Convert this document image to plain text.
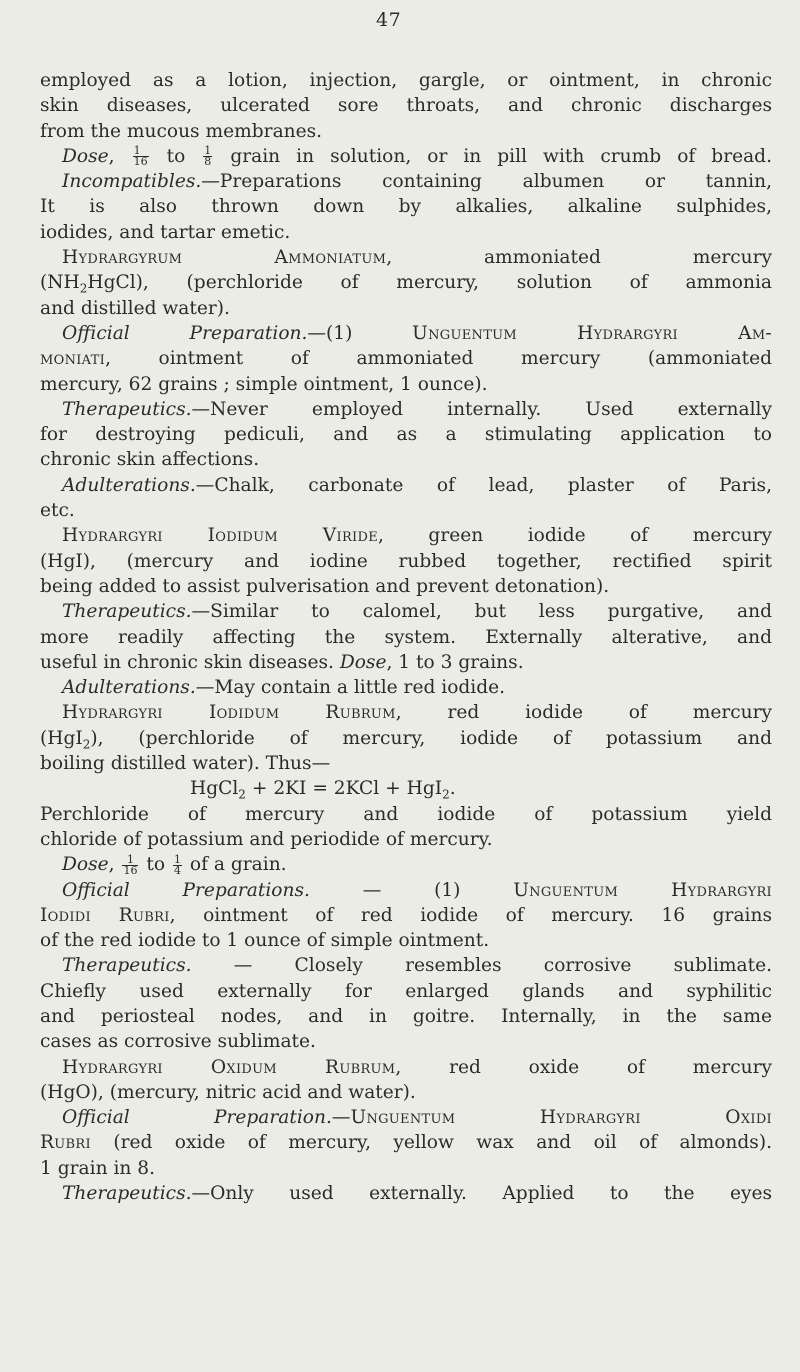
47
employed as a lotion, injection, gargle, or ointment, in chronic
skin diseases, ulcerated sore throats, and chronic discharges
from the mucous membranes.
Dose, $\frac{1}{16}$ to $\frac{1}{8}$ grain in solution, or in pill with crumb of bread.
Incompatibles.—Preparations containing albumen or tannin,
It is also thrown down by alkalies, alkaline sulphides,
iodides, and tartar emetic.
Hydrargyrum Ammoniatum, ammoniated mercury
$(NH_2HgCl)$, (perchloride of mercury, solution of ammonia
and distilled water).
Official Preparation.—(1) Unguentum Hydrargyri Am-
moniati, ointment of ammoniated mercury (ammoniated
mercury, 62 grains ; simple ointment, 1 ounce).
Therapeutics.—Never employed internally. Used externally
for destroying pediculi, and as a stimulating application to
chronic skin affections.
Adulterations.—Chalk, carbonate of lead, plaster of Paris,
etc.
Hydrargyri Iodidum Viride, green iodide of mercury
(HgI), (mercury and iodine rubbed together, rectified spirit
being added to assist pulverisation and prevent detonation).
Therapeutics.—Similar to calomel, but less purgative, and
more readily affecting the system. Externally alterative, and
useful in chronic skin diseases. Dose, 1 to 3 grains.
Adulterations.—May contain a little red iodide.
Hydrargyri Iodidum Rubrum, red iodide of mercury
(HgI$_2$), (perchloride of mercury, iodide of potassium and
boiling distilled water). Thus—
HgCl$_2$ + 2KI = 2KCl + HgI$_2$.
Perchloride of mercury and iodide of potassium yield
chloride of potassium and periodide of mercury.
Dose, $\frac{1}{16}$ to $\frac{1}{4}$ of a grain.
Official Preparations. — (1) Unguentum Hydrargyri
Iodidi Rubri, ointment of red iodide of mercury. 16 grains
of the red iodide to 1 ounce of simple ointment.
Therapeutics. — Closely resembles corrosive sublimate.
Chiefly used externally for enlarged glands and syphilitic
and periosteal nodes, and in goitre. Internally, in the same
cases as corrosive sublimate.
Hydrargyri Oxidum Rubrum, red oxide of mercury
(HgO), (mercury, nitric acid and water).
Official Preparation.—Unguentum Hydrargyri Oxidi
Rubri (red oxide of mercury, yellow wax and oil of almonds).
1 grain in 8.
Therapeutics.—Only used externally. Applied to the eyes
